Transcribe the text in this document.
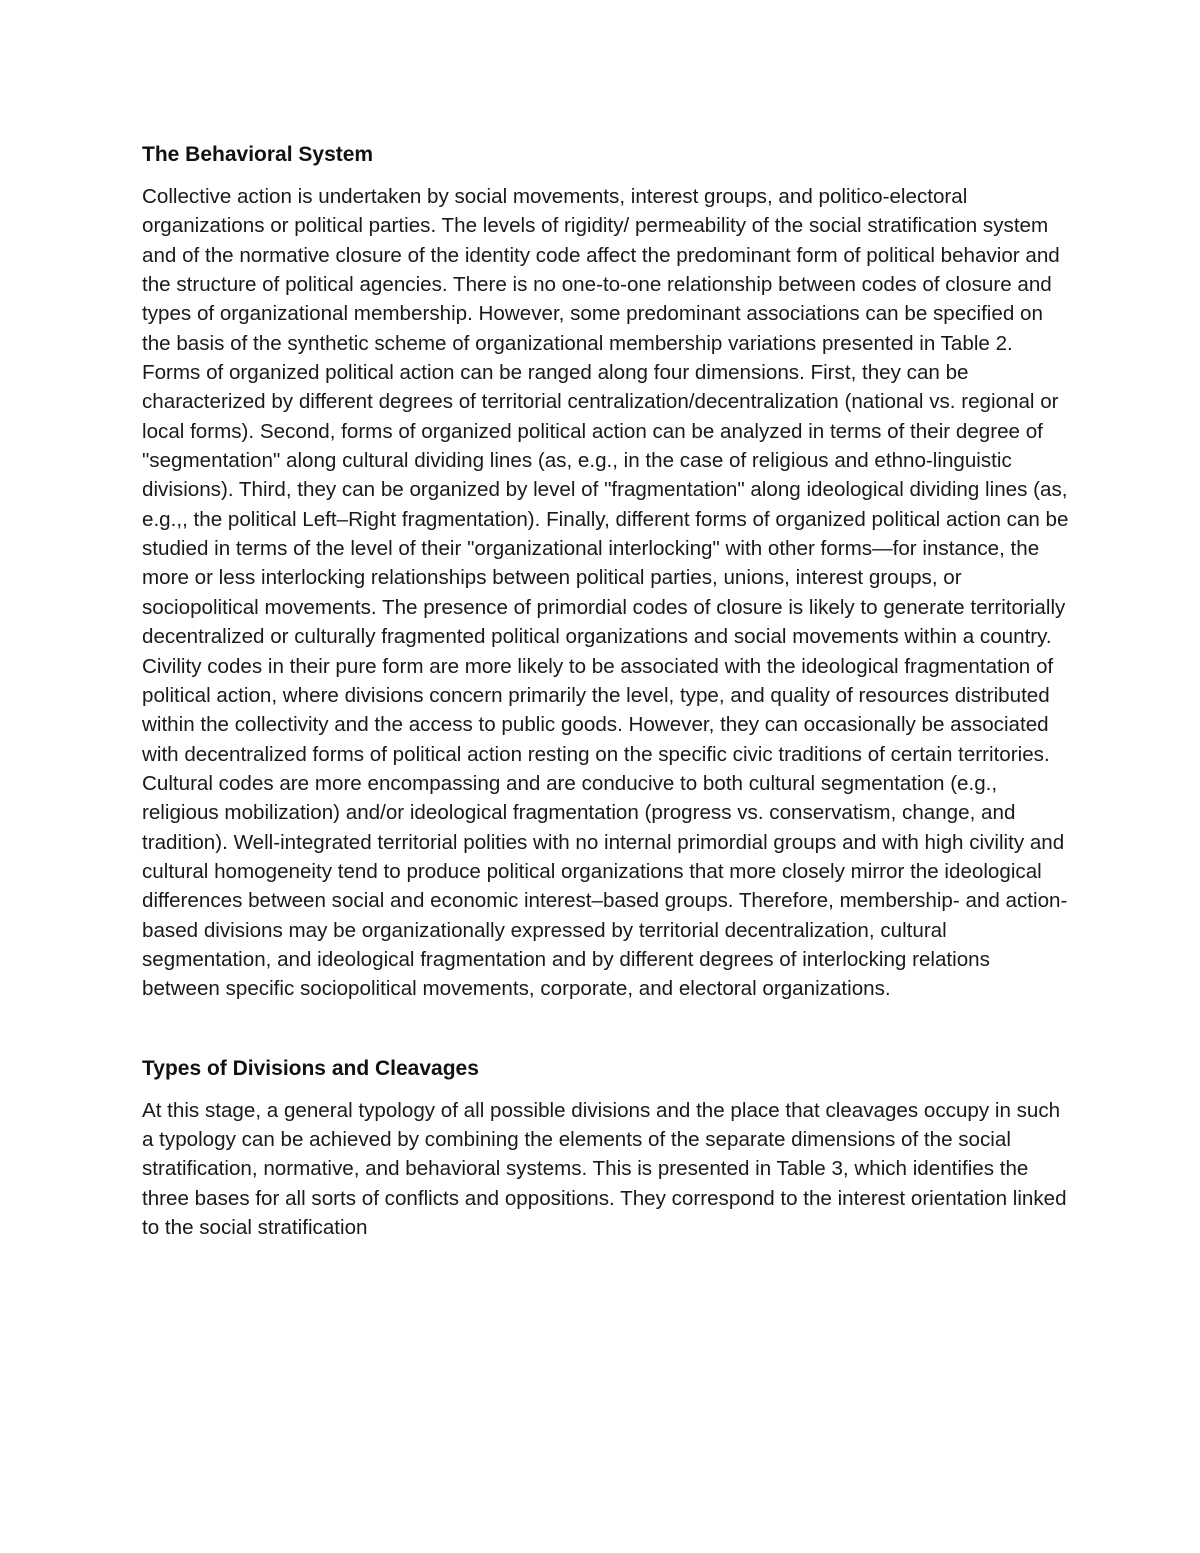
The Behavioral System

Collective action is undertaken by social movements, interest groups, and politico-electoral organizations or political parties. The levels of rigidity/ permeability of the social stratification system and of the normative closure of the identity code affect the predominant form of political behavior and the structure of political agencies. There is no one-to-one relationship between codes of closure and types of organizational membership. However, some predominant associations can be specified on the basis of the synthetic scheme of organizational membership variations presented in Table 2. Forms of organized political action can be ranged along four dimensions. First, they can be characterized by different degrees of territorial centralization/decentralization (national vs. regional or local forms). Second, forms of organized political action can be analyzed in terms of their degree of "segmentation" along cultural dividing lines (as, e.g., in the case of religious and ethno-linguistic divisions). Third, they can be organized by level of "fragmentation" along ideological dividing lines (as, e.g.,, the political Left–Right fragmentation). Finally, different forms of organized political action can be studied in terms of the level of their "organizational interlocking" with other forms—for instance, the more or less interlocking relationships between political parties, unions, interest groups, or sociopolitical movements. The presence of primordial codes of closure is likely to generate territorially decentralized or culturally fragmented political organizations and social movements within a country. Civility codes in their pure form are more likely to be associated with the ideological fragmentation of political action, where divisions concern primarily the level, type, and quality of resources distributed within the collectivity and the access to public goods. However, they can occasionally be associated with decentralized forms of political action resting on the specific civic traditions of certain territories. Cultural codes are more encompassing and are conducive to both cultural segmentation (e.g., religious mobilization) and/or ideological fragmentation (progress vs. conservatism, change, and tradition). Well-integrated territorial polities with no internal primordial groups and with high civility and cultural homogeneity tend to produce political organizations that more closely mirror the ideological differences between social and economic interest–based groups. Therefore, membership- and action-based divisions may be organizationally expressed by territorial decentralization, cultural segmentation, and ideological fragmentation and by different degrees of interlocking relations between specific sociopolitical movements, corporate, and electoral organizations.

Types of Divisions and Cleavages

At this stage, a general typology of all possible divisions and the place that cleavages occupy in such a typology can be achieved by combining the elements of the separate dimensions of the social stratification, normative, and behavioral systems. This is presented in Table 3, which identifies the three bases for all sorts of conflicts and oppositions. They correspond to the interest orientation linked to the social stratification
